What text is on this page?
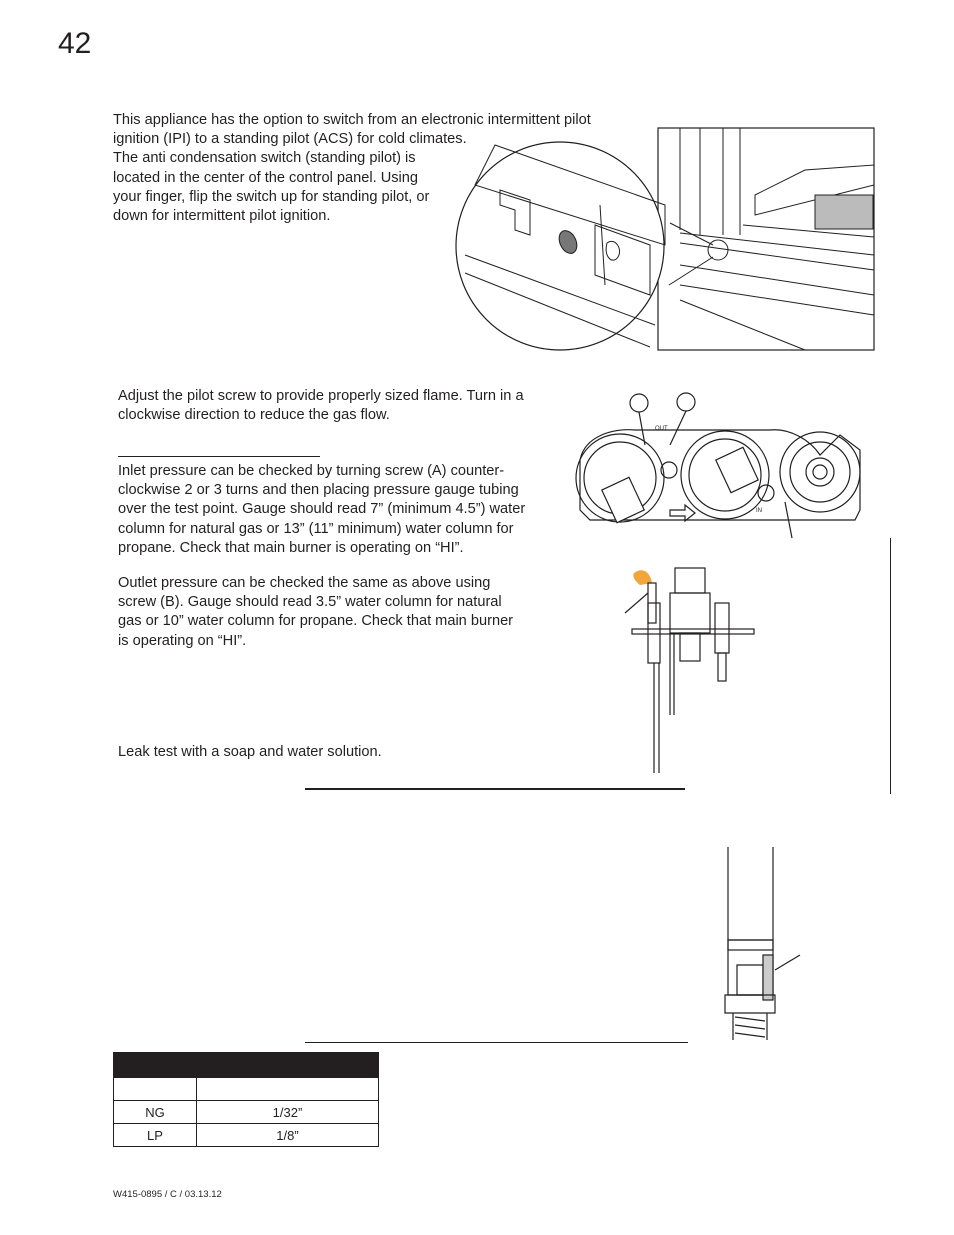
42
This appliance has the option to switch from an electronic intermittent pilot
ignition (IPI) to a standing pilot (ACS) for cold climates.
The anti condensation switch (standing pilot) is
located in the center of the control panel. Using
your finger, flip the switch up for standing pilot, or
down for intermittent pilot ignition.
Adjust the pilot screw to provide properly sized flame. Turn in a
clockwise direction to reduce the gas flow.
Inlet pressure can be checked by turning screw (A) counter-
clockwise 2 or 3 turns and then placing pressure gauge tubing
over the test point. Gauge should read 7” (minimum 4.5”) water
column for natural gas or 13” (11” minimum) water column for
propane. Check that main burner is operating on “HI”.
Outlet pressure can be checked the same as above using
screw (B). Gauge should read 3.5” water column for natural
gas or 10” water column for propane. Check that main burner
is operating on “HI”.
Leak test with a soap and water solution.
OUT
IN

NG	1/32”
LP	1/8”
W415-0895 / C / 03.13.12
